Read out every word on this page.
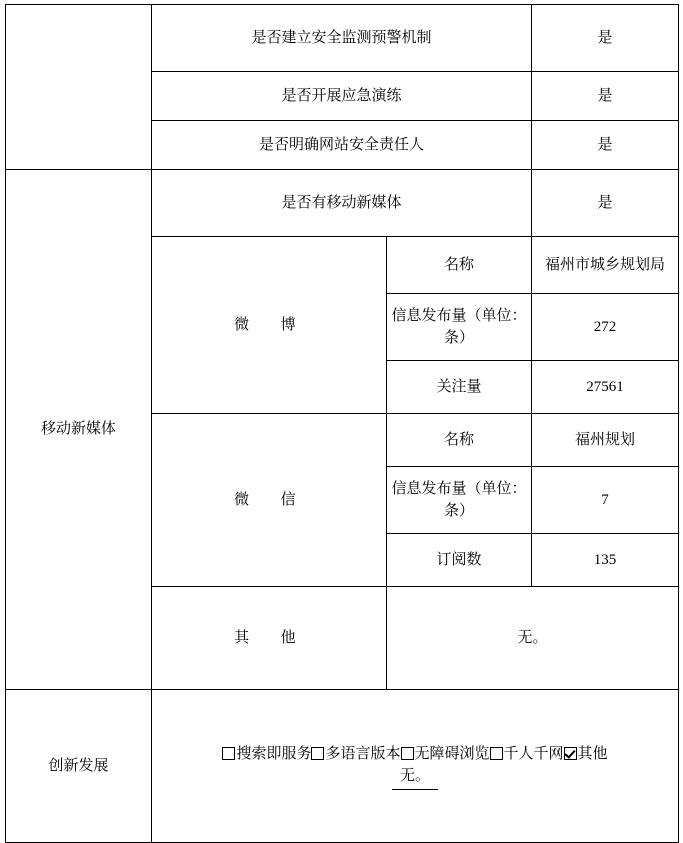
	是否建立安全监测预警机制		是
	是否开展应急演练		是
	是否明确网站安全责任人		是
移动新媒体	是否有移动新媒体		是
	微　博	名称	福州市城乡规划局
		信息发布量（单位：条）	272
		关注量	27561
	微　信	名称	福州规划
		信息发布量（单位：条）	7
		订阅数	135
	其　他	无。	
创新发展	搜索即服务 多语言版本 无障碍浏览 千人千网 其他
无。		
